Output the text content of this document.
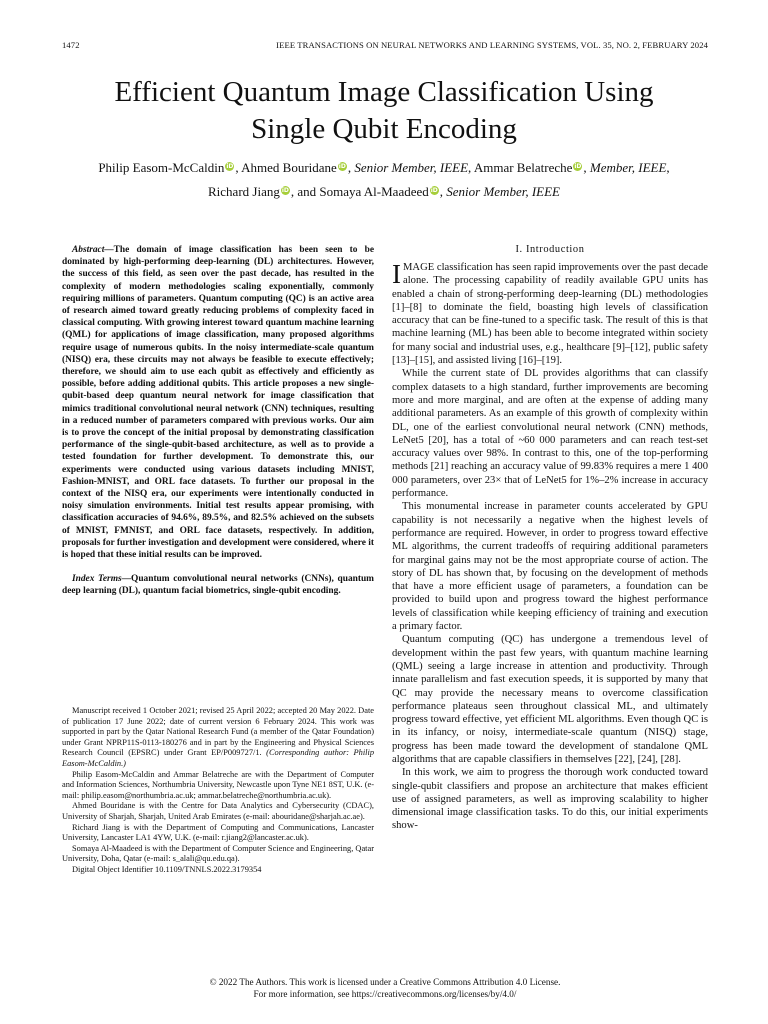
1472	IEEE TRANSACTIONS ON NEURAL NETWORKS AND LEARNING SYSTEMS, VOL. 35, NO. 2, FEBRUARY 2024
Efficient Quantum Image Classification Using
Single Qubit Encoding
Philip Easom-McCaldin iD , Ahmed Bouridane iD , Senior Member, IEEE, Ammar Belatreche iD , Member, IEEE,
Richard Jiang iD , and Somaya Al-Maadeed iD , Senior Member, IEEE

Abstract—The domain of image classification has been seen to be dominated by high-performing deep-learning (DL) architectures. However, the success of this field, as seen over the past decade, has resulted in the complexity of modern methodologies scaling exponentially, commonly requiring millions of parameters. Quantum computing (QC) is an active area of research aimed toward greatly reducing problems of complexity faced in classical computing. With growing interest toward quantum machine learning (QML) for applications of image classification, many proposed algorithms require usage of numerous qubits. In the noisy intermediate-scale quantum (NISQ) era, these circuits may not always be feasible to execute effectively; therefore, we should aim to use each qubit as effectively and efficiently as possible, before adding additional qubits. This article proposes a new single-qubit-based deep quantum neural network for image classification that mimics traditional convolutional neural network (CNN) techniques, resulting in a reduced number of parameters compared with previous works. Our aim is to prove the concept of the initial proposal by demonstrating classification performance of the single-qubit-based architecture, as well as to provide a tested foundation for further development. To demonstrate this, our experiments were conducted using various datasets including MNIST, Fashion-MNIST, and ORL face datasets. To further our proposal in the context of the NISQ era, our experiments were intentionally conducted in noisy simulation environments. Initial test results appear promising, with classification accuracies of 94.6%, 89.5%, and 82.5% achieved on the subsets of MNIST, FMNIST, and ORL face datasets, respectively. In addition, proposals for further investigation and development were considered, where it is hoped that these initial results can be improved.

Index Terms—Quantum convolutional neural networks (CNNs), quantum deep learning (DL), quantum facial biometrics, single-qubit encoding.

Manuscript received 1 October 2021; revised 25 April 2022; accepted 20 May 2022. Date of publication 17 June 2022; date of current version 6 February 2024. This work was supported in part by the Qatar National Research Fund (a member of the Qatar Foundation) under Grant NPRP11S-0113-180276 and in part by the Engineering and Physical Sciences Research Council (EPSRC) under Grant EP/P009727/1. (Corresponding author: Philip Easom-McCaldin.)

Philip Easom-McCaldin and Ammar Belatreche are with the Department of Computer and Information Sciences, Northumbria University, Newcastle upon Tyne NE1 8ST, U.K. (e-mail: philip.easom@northumbria.ac.uk; ammar.belatreche@northumbria.ac.uk).

Ahmed Bouridane is with the Centre for Data Analytics and Cybersecurity (CDAC), University of Sharjah, Sharjah, United Arab Emirates (e-mail: abouridane@sharjah.ac.ae).

Richard Jiang is with the Department of Computing and Communications, Lancaster University, Lancaster LA1 4YW, U.K. (e-mail: r.jiang2@lancaster.ac.uk).

Somaya Al-Maadeed is with the Department of Computer Science and Engineering, Qatar University, Doha, Qatar (e-mail: s_alali@qu.edu.qa).

Digital Object Identifier 10.1109/TNNLS.2022.3179354

I. Introduction

IMAGE classification has seen rapid improvements over the past decade alone. The processing capability of readily available GPU units has enabled a chain of strong-performing deep-learning (DL) methodologies [1]–[8] to dominate the field, boasting high levels of classification accuracy that can be fine-tuned to a specific task. The result of this is that machine learning (ML) has been able to become integrated within society for many social and industrial uses, e.g., healthcare [9]–[12], public safety [13]–[15], and assisted living [16]–[19].

While the current state of DL provides algorithms that can classify complex datasets to a high standard, further improvements are becoming more and more marginal, and are often at the expense of adding many additional parameters. As an example of this growth of complexity within DL, one of the earliest convolutional neural network (CNN) methods, LeNet5 [20], has a total of ~60 000 parameters and can reach test-set accuracy values over 98%. In contrast to this, one of the top-performing methods [21] reaching an accuracy value of 99.83% requires a mere 1 400 000 parameters, over 23× that of LeNet5 for 1%–2% increase in accuracy performance.

This monumental increase in parameter counts accelerated by GPU capability is not necessarily a negative when the highest levels of performance are required. However, in order to progress toward effective ML algorithms, the current tradeoffs of requiring additional parameters for marginal gains may not be the most appropriate course of action. The story of DL has shown that, by focusing on the development of methods that have a more efficient usage of parameters, a foundation can be provided to build upon and progress toward the highest performance levels of classification while keeping efficiency of training and execution a primary factor.

Quantum computing (QC) has undergone a tremendous level of development within the past few years, with quantum machine learning (QML) seeing a large increase in attention and productivity. Through innate parallelism and fast execution speeds, it is supported by many that QC may provide the necessary means to overcome classification performance plateaus seen throughout classical ML, and ultimately progress toward effective, yet efficient ML algorithms. Even though QC is in its infancy, or noisy, intermediate-scale quantum (NISQ) stage, progress has been made toward the development of standalone QML algorithms that are capable classifiers in themselves [22], [24], [28].

In this work, we aim to progress the thorough work conducted toward single-qubit classifiers and propose an architecture that makes efficient use of assigned parameters, as well as improving scalability to higher dimensional image classification tasks. To do this, our initial experiments show-

© 2022 The Authors. This work is licensed under a Creative Commons Attribution 4.0 License.
For more information, see https://creativecommons.org/licenses/by/4.0/
